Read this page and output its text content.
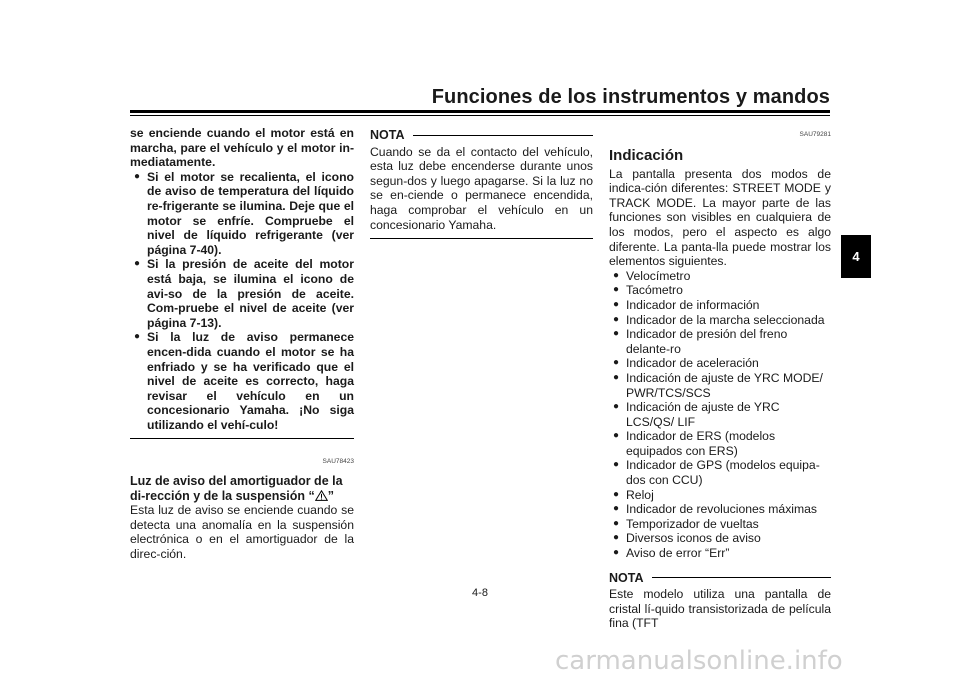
Funciones de los instrumentos y mandos
4
se enciende cuando el motor está en marcha, pare el vehículo y el motor in-mediatamente.
● Si el motor se recalienta, el icono de aviso de temperatura del líquido re-frigerante se ilumina. Deje que el motor se enfríe. Compruebe el nivel de líquido refrigerante (ver página 7-40).
● Si la presión de aceite del motor está baja, se ilumina el icono de avi-so de la presión de aceite. Com-pruebe el nivel de aceite (ver página 7-13).
● Si la luz de aviso permanece encen-dida cuando el motor se ha enfriado y se ha verificado que el nivel de aceite es correcto, haga revisar el vehículo en un concesionario Yamaha. ¡No siga utilizando el vehí-culo!
SAU78423
Luz de aviso del amortiguador de la di-rección y de la suspensión “ ”
Esta luz de aviso se enciende cuando se detecta una anomalía en la suspensión electrónica o en el amortiguador de la direc-ción.
NOTA
Cuando se da el contacto del vehículo, esta luz debe encenderse durante unos segun-dos y luego apagarse. Si la luz no se en-ciende o permanece encendida, haga comprobar el vehículo en un concesionario Yamaha.
SAU79281
Indicación
La pantalla presenta dos modos de indica-ción diferentes: STREET MODE y TRACK MODE. La mayor parte de las funciones son visibles en cualquiera de los modos, pero el aspecto es algo diferente. La panta-lla puede mostrar los elementos siguientes.
● Velocímetro
● Tacómetro
● Indicador de información
● Indicador de la marcha seleccionada
● Indicador de presión del freno delante-ro
● Indicador de aceleración
● Indicación de ajuste de YRC MODE/ PWR/TCS/SCS
● Indicación de ajuste de YRC LCS/QS/ LIF
● Indicador de ERS (modelos equipados con ERS)
● Indicador de GPS (modelos equipa-dos con CCU)
● Reloj
● Indicador de revoluciones máximas
● Temporizador de vueltas
● Diversos iconos de aviso
● Aviso de error “Err”
NOTA
Este modelo utiliza una pantalla de cristal lí-quido transistorizada de película fina (TFT
4-8
carmanualsonline.info
